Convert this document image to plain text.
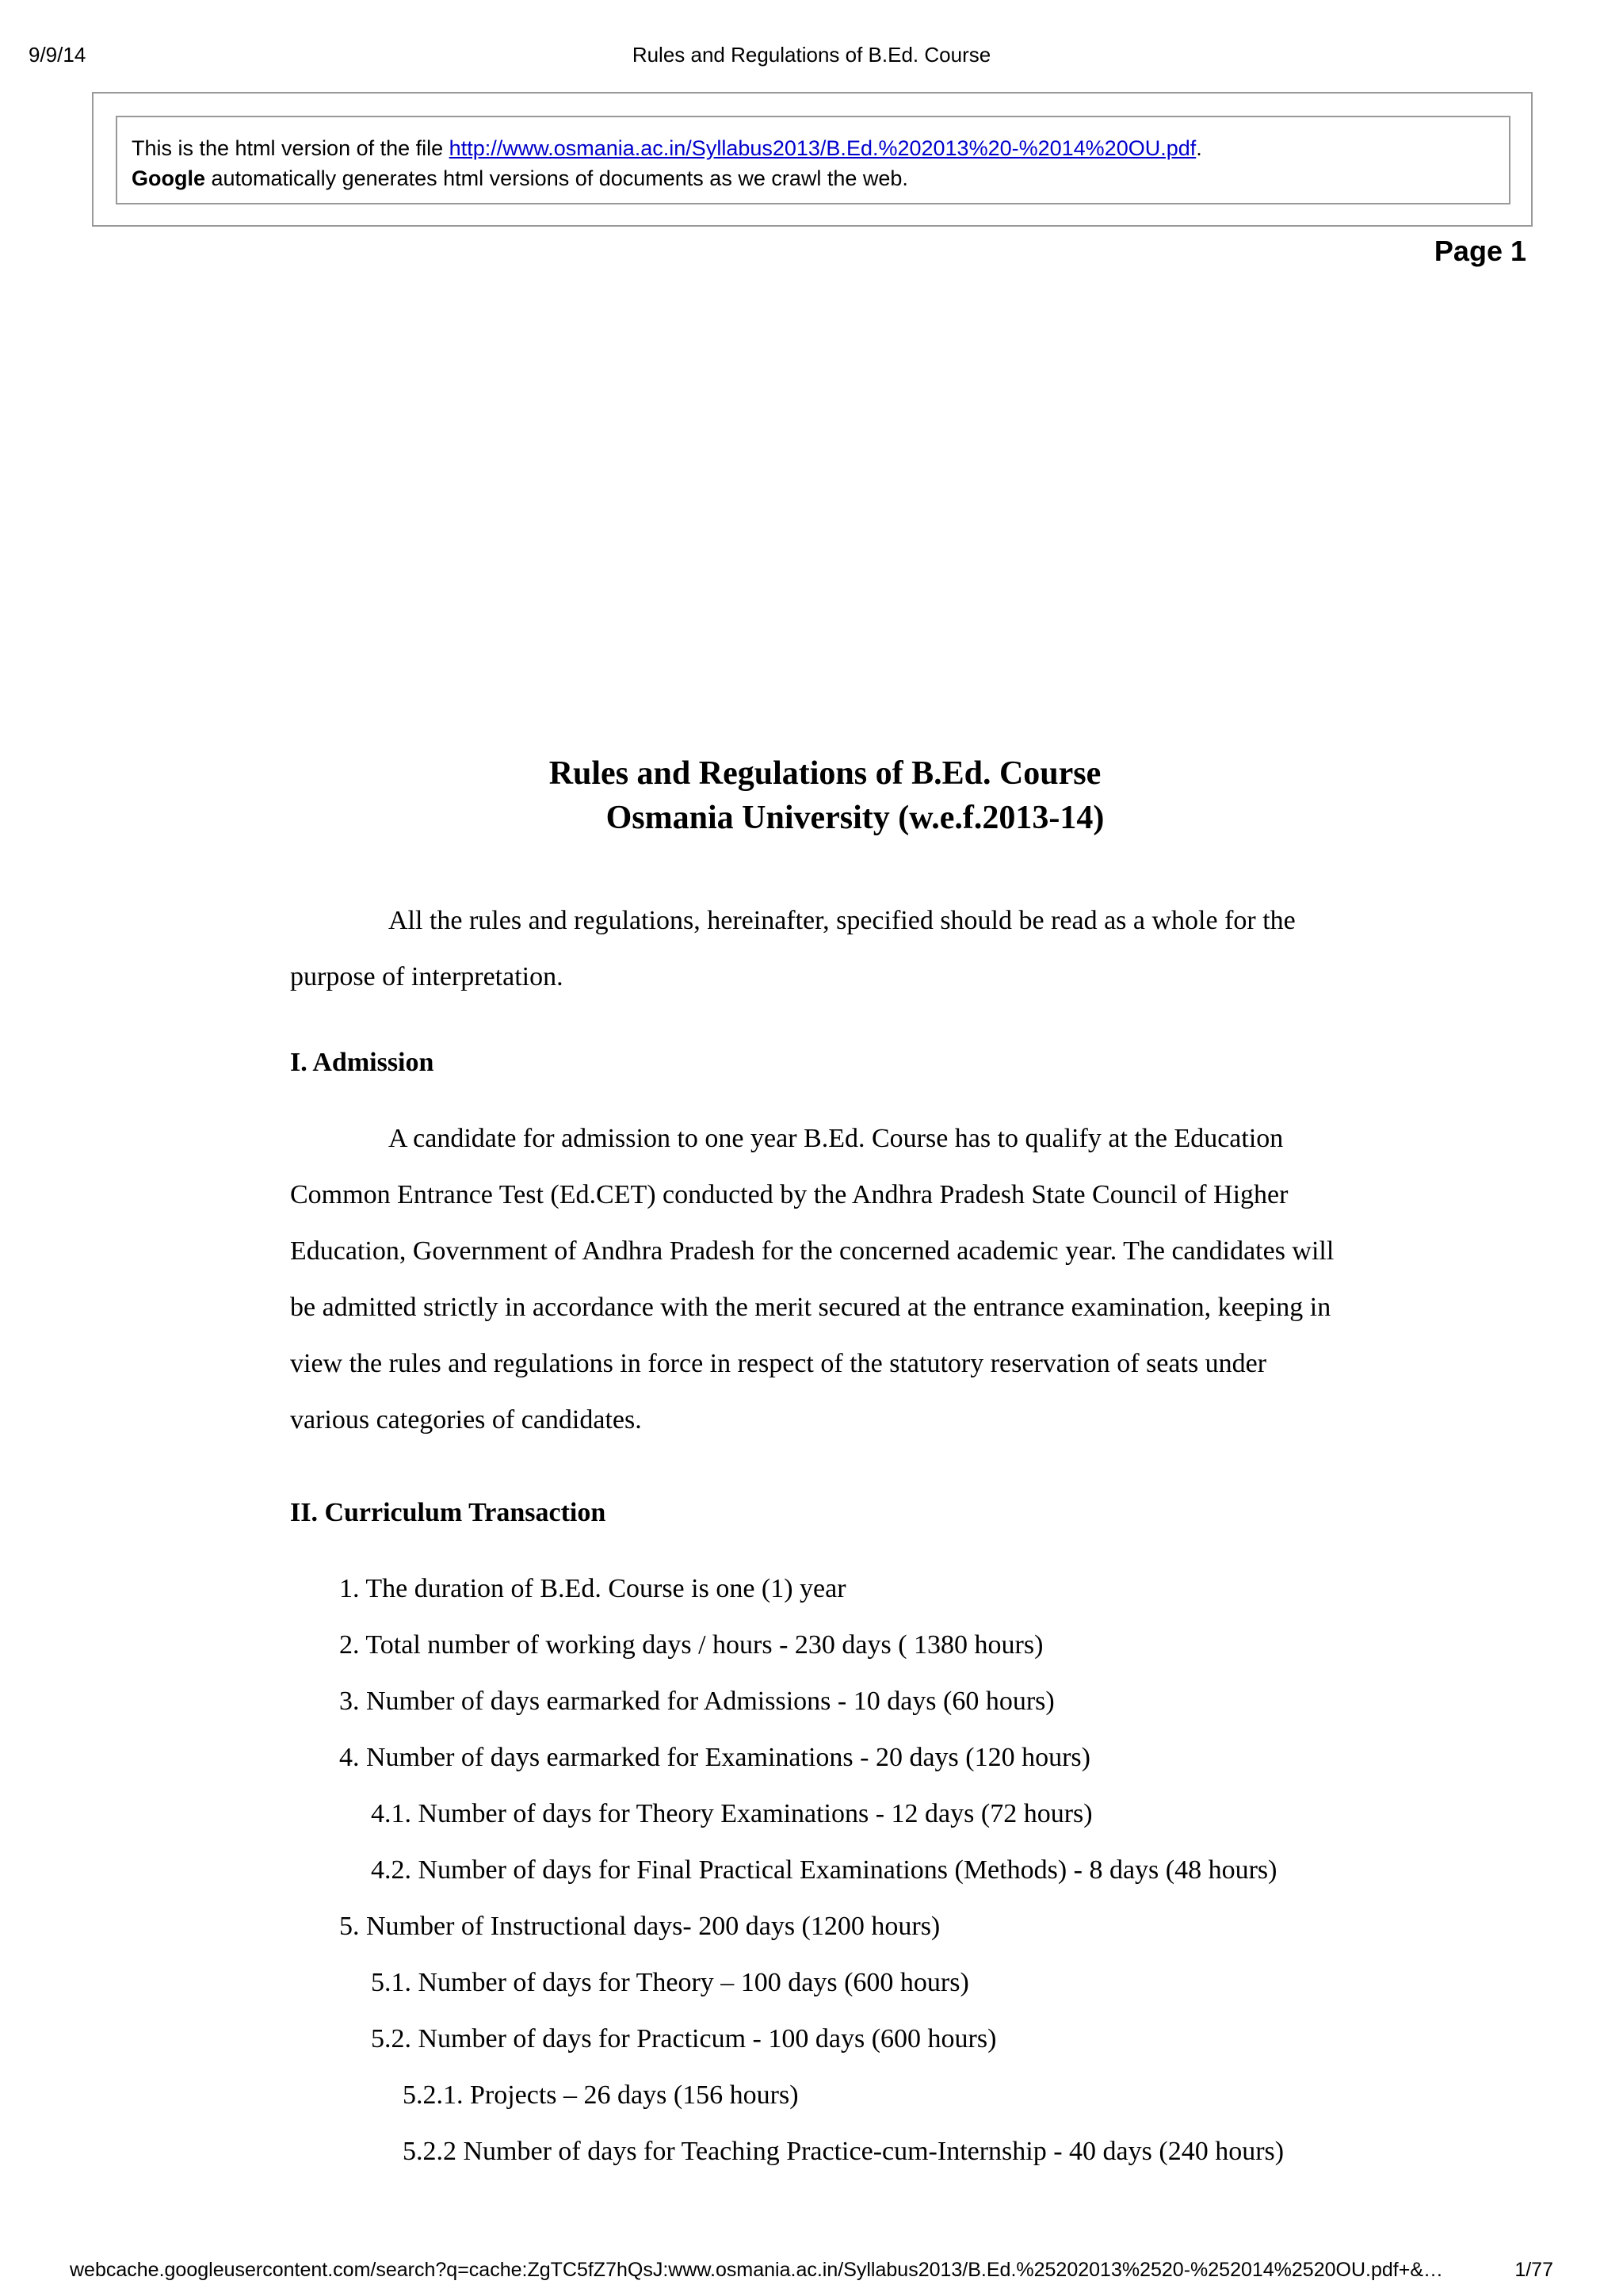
9/9/14	Rules and Regulations of B.Ed. Course
This is the html version of the file http://www.osmania.ac.in/Syllabus2013/B.Ed.%202013%20-%2014%20OU.pdf.
Google automatically generates html versions of documents as we crawl the web.
Page 1
Rules and Regulations of B.Ed. Course
Osmania University (w.e.f.2013-14)
All the rules and regulations, hereinafter, specified should be read as a whole for the
purpose of interpretation.
I. Admission
A candidate for admission to one year B.Ed. Course has to qualify at the Education
Common Entrance Test (Ed.CET) conducted by the Andhra Pradesh State Council of Higher
Education, Government of Andhra Pradesh for the concerned academic year. The candidates will
be admitted strictly in accordance with the merit secured at the entrance examination, keeping in
view the rules and regulations in force in respect of the statutory reservation of seats under
various categories of candidates.
II. Curriculum Transaction
1. The duration of B.Ed. Course is one (1) year
2. Total number of working days / hours - 230 days ( 1380 hours)
3. Number of days earmarked for Admissions - 10 days (60 hours)
4. Number of days earmarked for Examinations - 20 days (120 hours)
4.1. Number of days for Theory Examinations - 12 days (72 hours)
4.2. Number of days for Final Practical Examinations (Methods) - 8 days (48 hours)
5. Number of Instructional days- 200 days (1200 hours)
5.1. Number of days for Theory – 100 days (600 hours)
5.2. Number of days for Practicum - 100 days (600 hours)
5.2.1. Projects – 26 days (156 hours)
5.2.2 Number of days for Teaching Practice-cum-Internship - 40 days (240 hours)
webcache.googleusercontent.com/search?q=cache:ZgTC5fZ7hQsJ:www.osmania.ac.in/Syllabus2013/B.Ed.%25202013%2520-%252014%2520OU.pdf+&…	1/77
